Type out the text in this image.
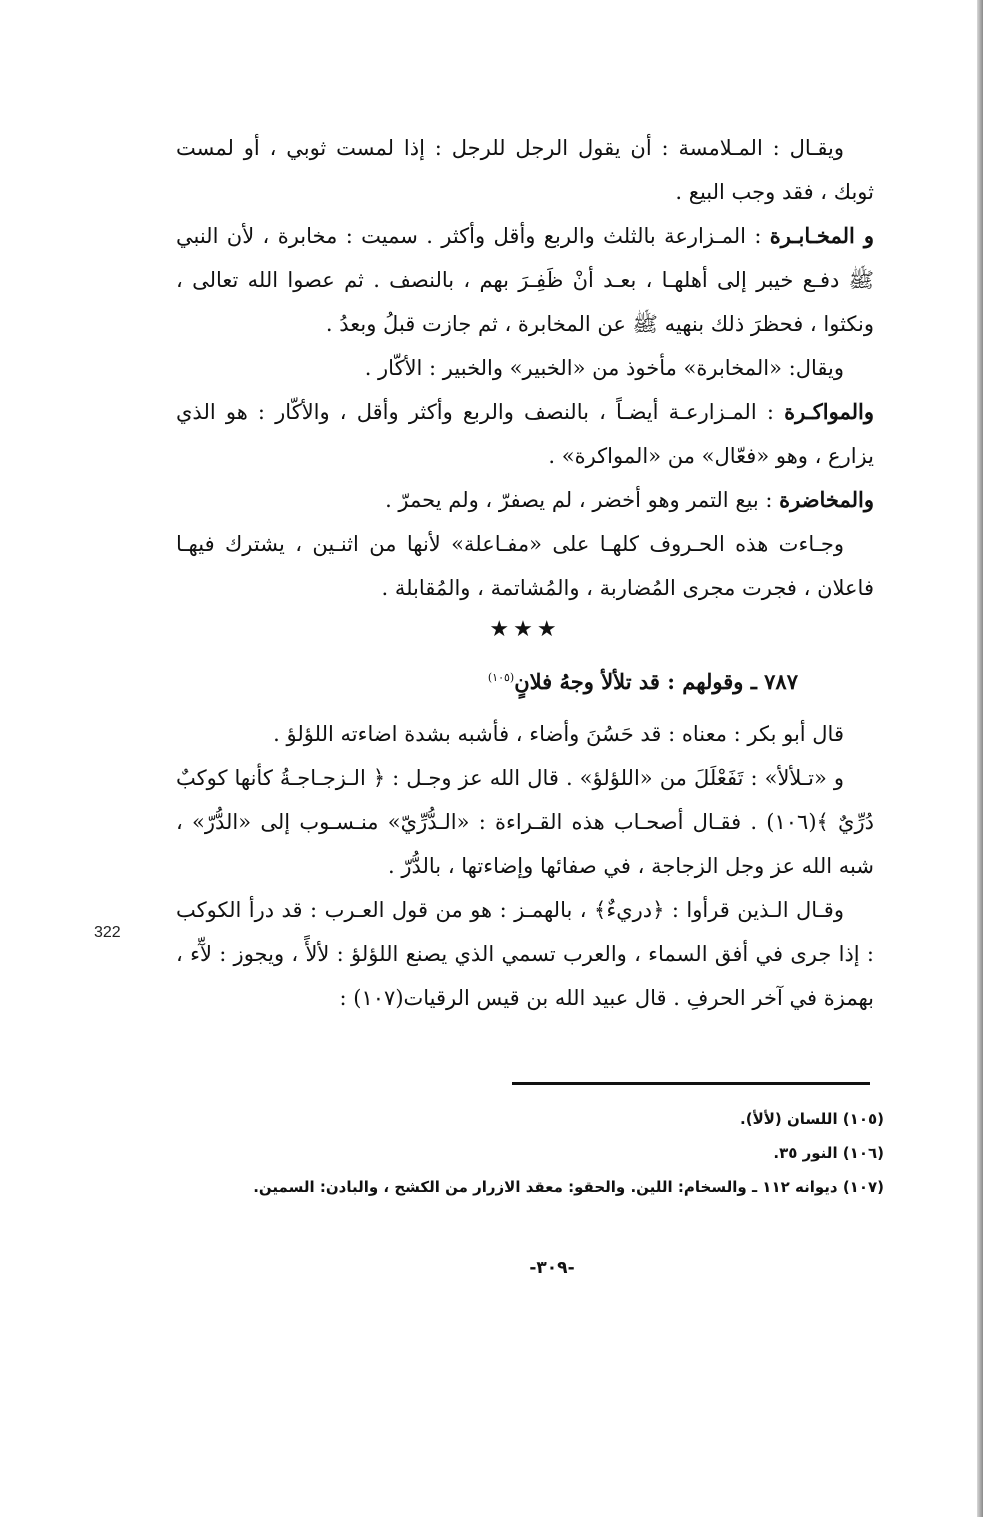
322

ويقـال : المـلامسة : أن يقول الرجل للرجل : إذا لمست ثوبي ، أو لمست ثوبك ، فقد وجب البيع .

و المخـابـرة : المـزارعة بالثلث والربع وأقل وأكثر . سميت : مخابرة ، لأن النبي ﷺ دفـع خيبر إلى أهلهـا ، بعـد أنْ ظَفِـرَ بهم ، بالنصف . ثم عصوا الله تعالى ، ونكثوا ، فحظرَ ذلك بنهيه ﷺ عن المخابرة ، ثم جازت قبلُ وبعدُ .

ويقال: «المخابرة» مأخوذ من «الخبير» والخبير : الأكّار .

والمواكـرة : المـزارعـة أيضـاً ، بالنصف والربع وأكثر وأقل ، والأكّار : هو الذي يزارع ، وهو «فعّال» من «المواكرة» .

والمخاضرة : بيع التمر وهو أخضر ، لم يصفرّ ، ولم يحمرّ .

وجـاءت هذه الحـروف كلهـا على «مفـاعلة» لأنها من اثنـين ، يشترك فيهـا فاعلان ، فجرت مجرى المُضاربة ، والمُشاتمة ، والمُقابلة .

★★★

٧٨٧ ـ وقولهم : قد تلألأ وجهُ فلانٍ$^{(١٠٥)}$

قال أبو بكر : معناه : قد حَسُنَ وأضاء ، فأشبه بشدة اضاءته اللؤلؤ .

و «تـلألأ» : تَفَعْلَلَ من «اللؤلؤ» . قال الله عز وجـل : ﴿ الـزجـاجـةُ كأنها كوكبٌ دُرِّيٌ ﴾(١٠٦) . فقـال أصحـاب هذه القـراءة : «الـدُّرِّيّ» منـسـوب إلى «الدُّرّ» ، شبه الله عز وجل الزجاجة ، في صفائها وإضاءتها ، بالدُّرّ .

وقـال الـذين قرأوا : ﴿دريءٌ﴾ ، بالهمـز : هو من قول العـرب : قد درأ الكوكب : إذا جرى في أفق السماء ، والعرب تسمي الذي يصنع اللؤلؤ : لألأً ، ويجوز : لآّء ، بهمزة في آخر الحرفِ . قال عبيد الله بن قيس الرقيات(١٠٧) :

(١٠٥) اللسان (لألأ).

(١٠٦) النور ٣٥.

(١٠٧) ديوانه ١١٢ ـ والسخام: اللين. والحقو: معقد الازرار من الكشح ، والبادن: السمين.

-٣٠٩-
